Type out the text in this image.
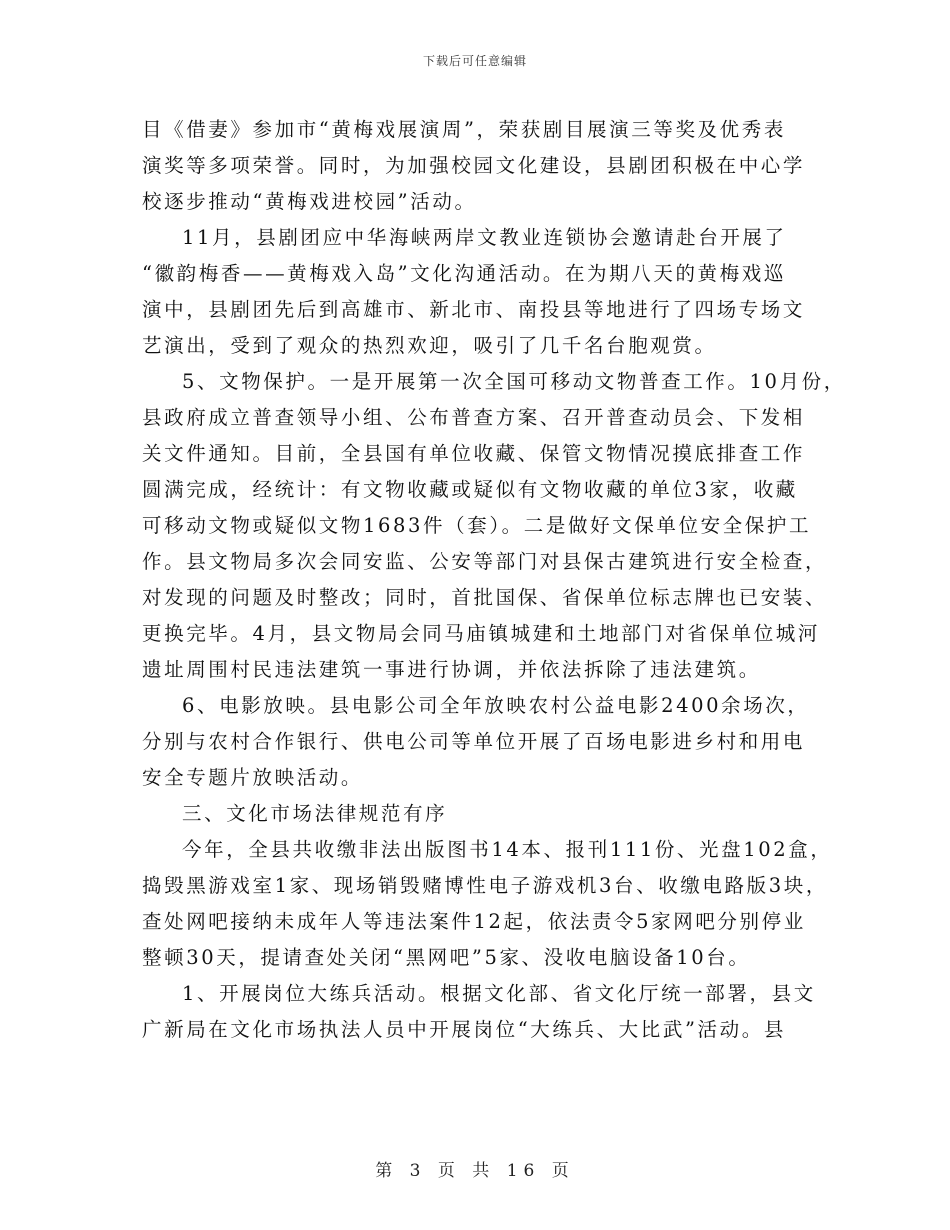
下载后可任意编辑
目《借妻》参加市“黄梅戏展演周”，荣获剧目展演三等奖及优秀表
演奖等多项荣誉。同时，为加强校园文化建设，县剧团积极在中心学
校逐步推动“黄梅戏进校园”活动。
11月，县剧团应中华海峡两岸文教业连锁协会邀请赴台开展了
“徽韵梅香——黄梅戏入岛”文化沟通活动。在为期八天的黄梅戏巡
演中，县剧团先后到高雄市、新北市、南投县等地进行了四场专场文
艺演出，受到了观众的热烈欢迎，吸引了几千名台胞观赏。
5、文物保护。一是开展第一次全国可移动文物普查工作。10月份，
县政府成立普查领导小组、公布普查方案、召开普查动员会、下发相
关文件通知。目前，全县国有单位收藏、保管文物情况摸底排查工作
圆满完成，经统计：有文物收藏或疑似有文物收藏的单位3家，收藏
可移动文物或疑似文物1683件（套）。二是做好文保单位安全保护工
作。县文物局多次会同安监、公安等部门对县保古建筑进行安全检查，
对发现的问题及时整改；同时，首批国保、省保单位标志牌也已安装、
更换完毕。4月，县文物局会同马庙镇城建和土地部门对省保单位城河
遗址周围村民违法建筑一事进行协调，并依法拆除了违法建筑。
6、电影放映。县电影公司全年放映农村公益电影2400余场次，
分别与农村合作银行、供电公司等单位开展了百场电影进乡村和用电
安全专题片放映活动。
三、文化市场法律规范有序
今年，全县共收缴非法出版图书14本、报刊111份、光盘102盒，
捣毁黑游戏室1家、现场销毁赌博性电子游戏机3台、收缴电路版3块，
查处网吧接纳未成年人等违法案件12起，依法责令5家网吧分别停业
整顿30天，提请查处关闭“黑网吧”5家、没收电脑设备10台。
1、开展岗位大练兵活动。根据文化部、省文化厅统一部署，县文
广新局在文化市场执法人员中开展岗位“大练兵、大比武”活动。县
第 3 页 共 16 页
